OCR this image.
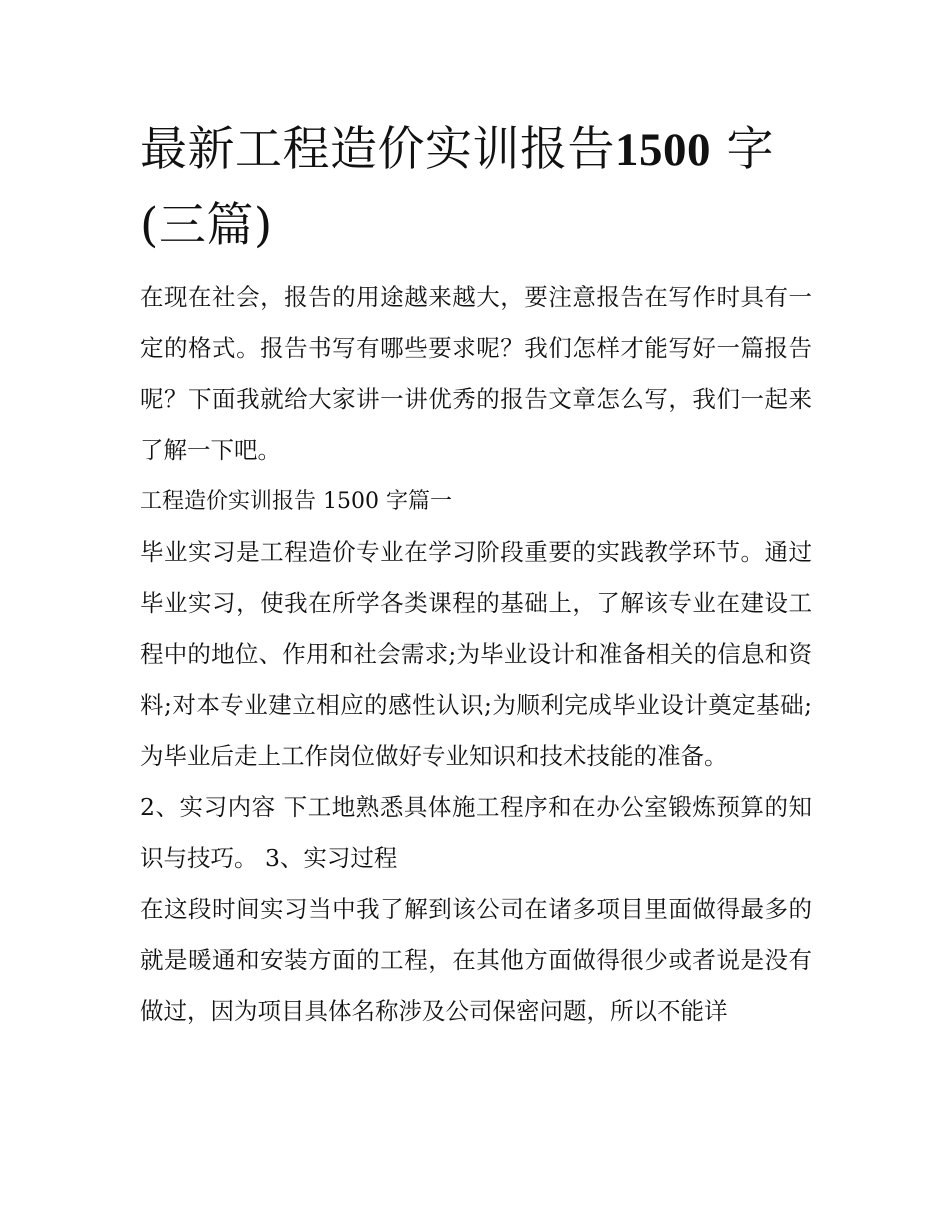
最新工程造价实训报告1500 字(三篇)

在现在社会，报告的用途越来越大，要注意报告在写作时具有一定的格式。报告书写有哪些要求呢？我们怎样才能写好一篇报告呢？下面我就给大家讲一讲优秀的报告文章怎么写，我们一起来了解一下吧。

工程造价实训报告 1500 字篇一

毕业实习是工程造价专业在学习阶段重要的实践教学环节。通过毕业实习，使我在所学各类课程的基础上，了解该专业在建设工程中的地位、作用和社会需求;为毕业设计和准备相关的信息和资料;对本专业建立相应的感性认识;为顺利完成毕业设计奠定基础;为毕业后走上工作岗位做好专业知识和技术技能的准备。

2、实习内容 下工地熟悉具体施工程序和在办公室锻炼预算的知识与技巧。 3、实习过程

在这段时间实习当中我了解到该公司在诸多项目里面做得最多的就是暖通和安装方面的工程，在其他方面做得很少或者说是没有做过，因为项目具体名称涉及公司保密问题，所以不能详
